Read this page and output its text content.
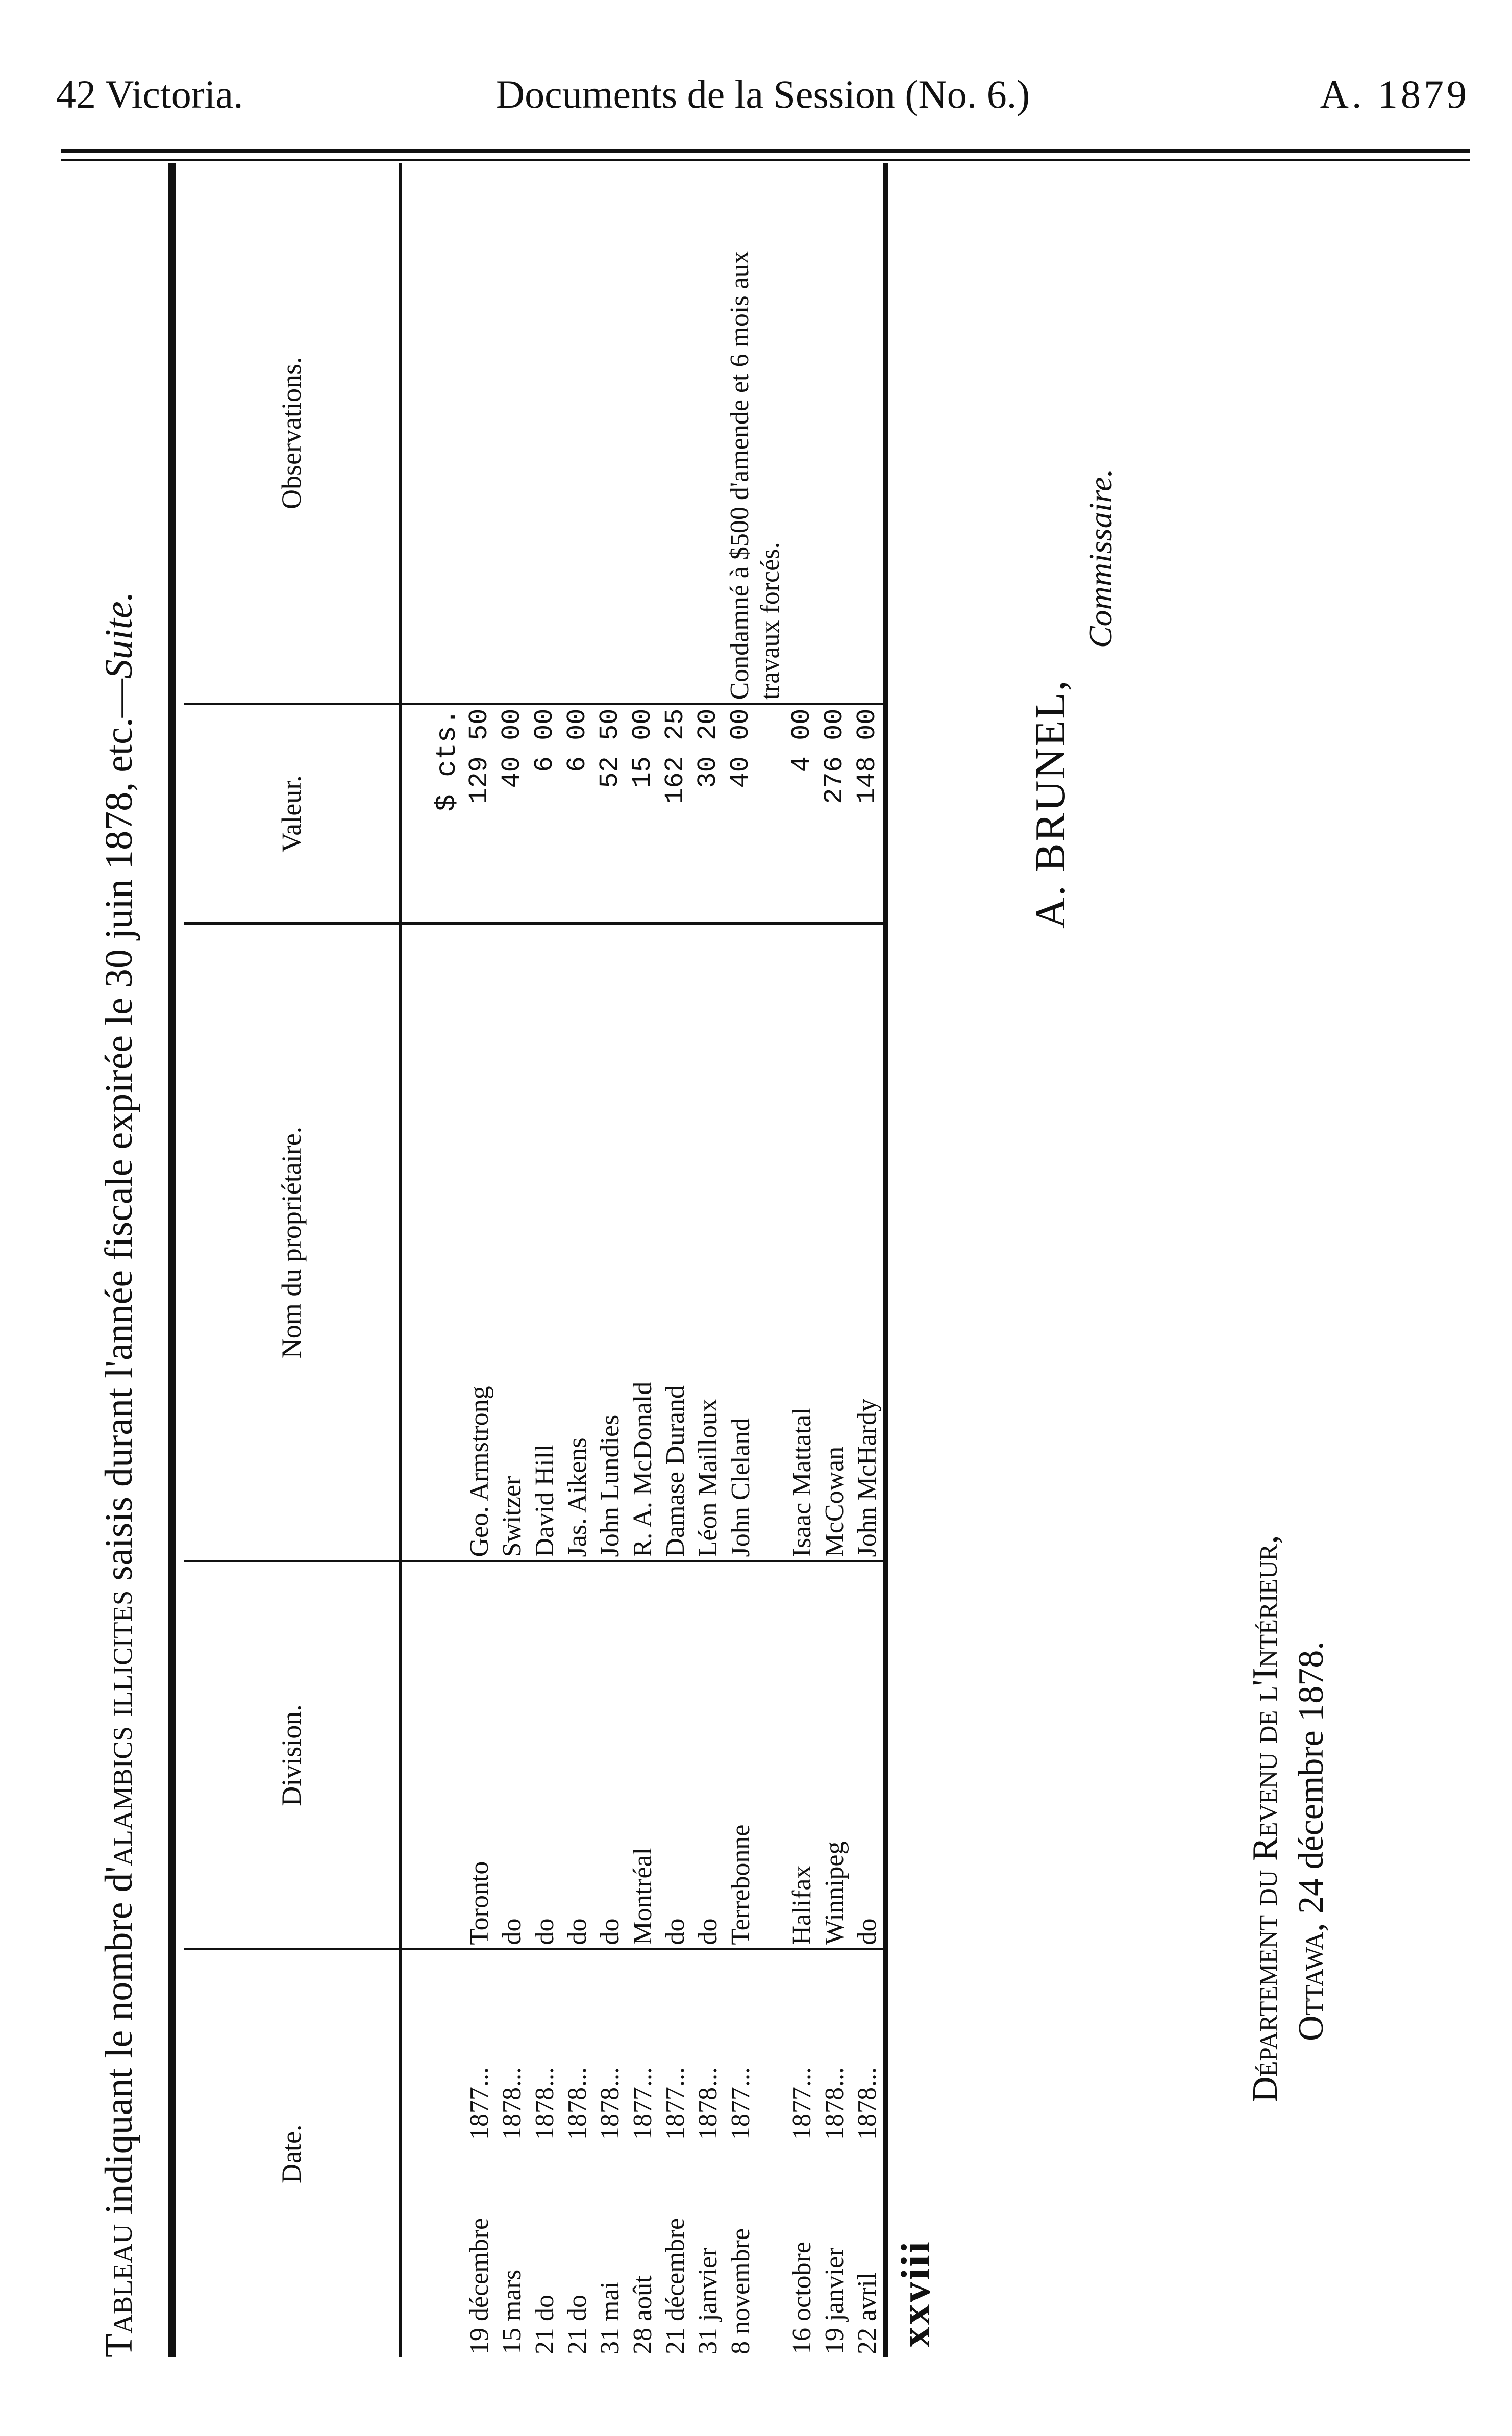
42 Victoria.	Documents de la Session (No. 6.)	A. 1879
Tableau indiquant le nombre d'alambics illicites saisis durant l'année fiscale expirée le 30 juin 1878, etc.—Suite.
Date.	Division.	Nom du propriétaire.	Valeur.	Observations.
			$ cts.	
19 décembre1877...	Toronto	Geo. Armstrong	129 50	
15 mars1878...	do	Switzer	40 00	
21 do1878...	do	David Hill	6 00	
21 do1878...	do	Jas. Aikens	6 00	
31 mai1878...	do	John Lundies	52 50	
28 août1877...	Montréal	R. A. McDonald	15 00	
21 décembre1877...	do	Damase Durand	162 25	
31 janvier1878...	do	Léon Mailloux	30 20	
8 novembre1877...	Terrebonne	John Cleland	40 00	Condamné à $500 d'amende et 6 mois aux travaux forcés.
16 octobre1877...	Halifax	Isaac Mattatal	4 00	
19 janvier1878...	Winnipeg	McCowan	276 00	
22 avril1878...	do	John McHardy	148 00	
xxviii
A. BRUNEL,
Commissaire.
Département du Revenu de l'Intérieur, Ottawa, 24 décembre 1878.
